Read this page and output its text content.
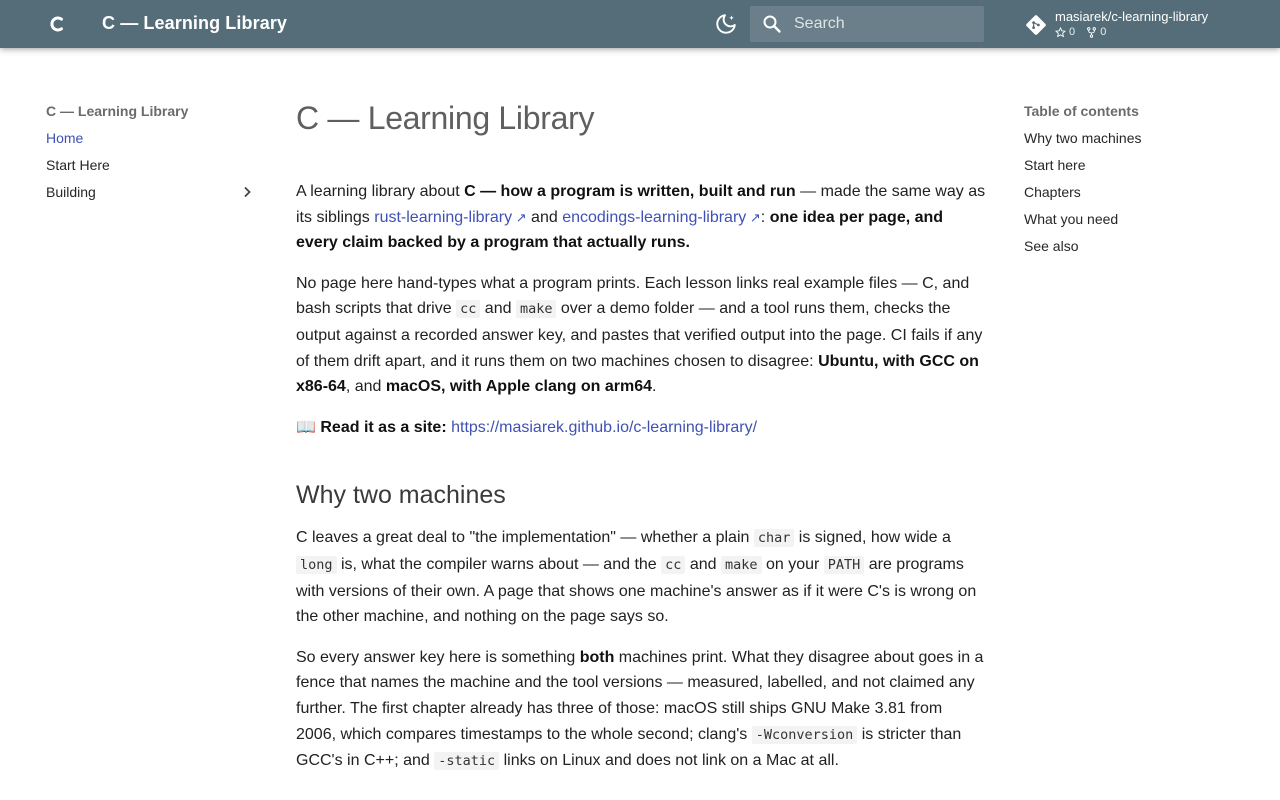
C — Learning Library
Search	masiarek/c-learning-library
0
0
C — Learning Library
Home
Start Here
Building
Table of contents
Why two machines
Start here
Chapters
What you need
See also
C — Learning Library

A learning library about C — how a program is written, built and run — made the same way as its siblings rust-learning-library ↗ and encodings-learning-library ↗ : one idea per page, and every claim backed by a program that actually runs.

No page here hand-types what a program prints. Each lesson links real example files — C, and bash scripts that drive cc and make over a demo folder — and a tool runs them, checks the output against a recorded answer key, and pastes that verified output into the page. CI fails if any of them drift apart, and it runs them on two machines chosen to disagree: Ubuntu, with GCC on x86-64, and macOS, with Apple clang on arm64.

📖 Read it as a site: https://masiarek.github.io/c-learning-library/

Why two machines

C leaves a great deal to "the implementation" — whether a plain char is signed, how wide a long is, what the compiler warns about — and the cc and make on your PATH are programs with versions of their own. A page that shows one machine's answer as if it were C's is wrong on the other machine, and nothing on the page says so.

So every answer key here is something both machines print. What they disagree about goes in a fence that names the machine and the tool versions — measured, labelled, and not claimed any further. The first chapter already has three of those: macOS still ships GNU Make 3.81 from 2006, which compares timestamps to the whole second; clang's -Wconversion is stricter than GCC's in C++; and -static links on Linux and does not link on a Mac at all.
